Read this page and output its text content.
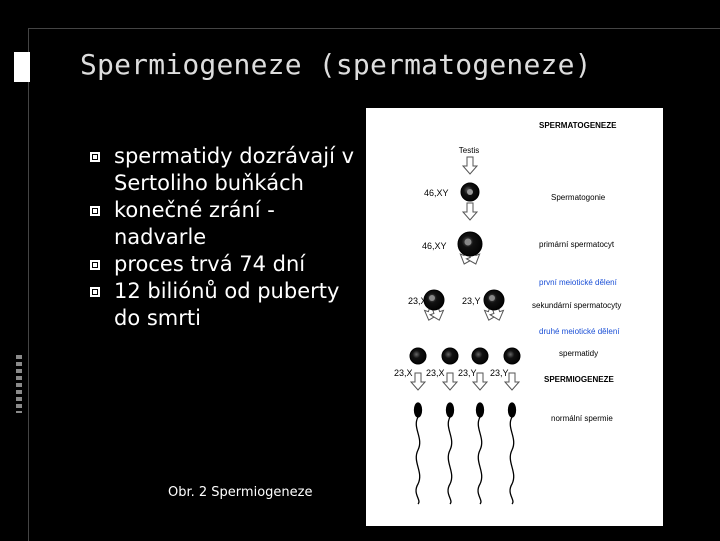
Spermiogeneze (spermatogeneze)
spermatidy dozrávají v Sertoliho buňkách
konečné zrání - nadvarle
proces trvá 74 dní
12 biliónů od puberty do smrti
Obr. 2 Spermiogeneze
SPERMATOGENEZE
Testis
46,XY
46,XY
23,X	23,Y
23,X 23,X 23,Y 23,Y
Spermatogonie
primární spermatocyt
první meiotické dělení
sekundární spermatocyty
druhé meiotické dělení
spermatidy
SPERMIOGENEZE
normální spermie
